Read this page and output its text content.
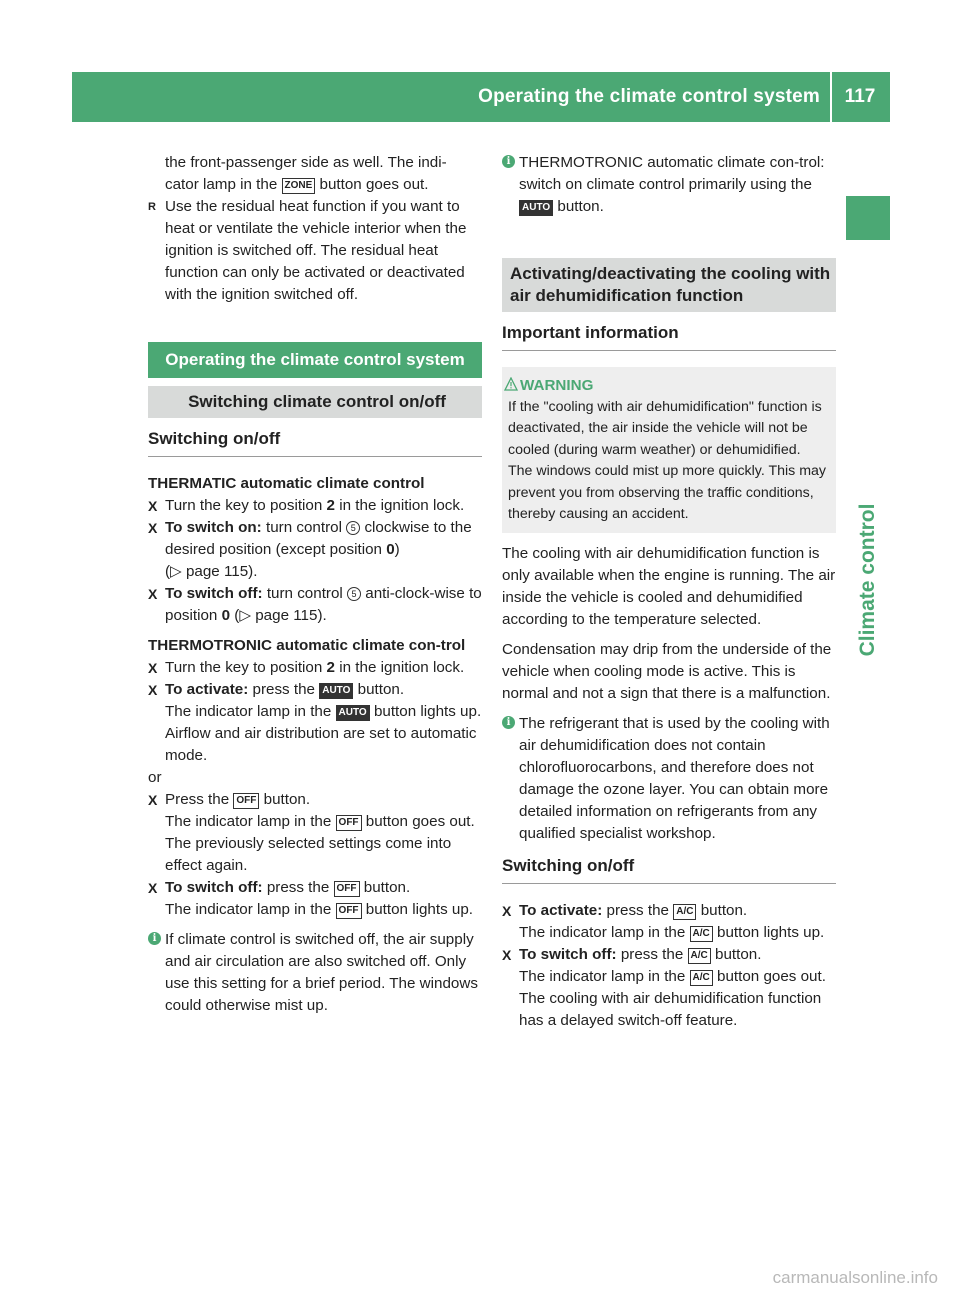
Operating the climate control system	117
Climate control

the front-passenger side as well. The indi-
cator lamp in the ZONE button goes out.

R Use the residual heat function if you want to heat or ventilate the vehicle interior when the ignition is switched off. The residual heat function can only be activated or deactivated with the ignition switched off.

Operating the climate control system
Switching climate control on/off
Switching on/off

THERMATIC automatic climate control

X Turn the key to position 2 in the ignition lock.

X To switch on: turn control 5 clockwise to the desired position (except position 0)
(▷ page 115).

X To switch off: turn control 5 anti-clock-wise to position 0 (▷ page 115).

THERMOTRONIC automatic climate con-trol

X Turn the key to position 2 in the ignition lock.

X To activate: press the AUTO button.
The indicator lamp in the AUTO button lights up. Airflow and air distribution are set to automatic mode.

or

X Press the OFF button.
The indicator lamp in the OFF button goes out. The previously selected settings come into effect again.

X To switch off: press the OFF button.
The indicator lamp in the OFF button lights up.

i If climate control is switched off, the air supply and air circulation are also switched off. Only use this setting for a brief period. The windows could otherwise mist up.

i THERMOTRONIC automatic climate con-trol: switch on climate control primarily using the AUTO button.

Activating/deactivating the cooling with air dehumidification function
Important information

WARNING

If the "cooling with air dehumidification" function is deactivated, the air inside the vehicle will not be cooled (during warm weather) or dehumidified. The windows could mist up more quickly. This may prevent you from observing the traffic conditions, thereby causing an accident.

The cooling with air dehumidification function is only available when the engine is running. The air inside the vehicle is cooled and dehumidified according to the temperature selected.

Condensation may drip from the underside of the vehicle when cooling mode is active. This is normal and not a sign that there is a malfunction.

i The refrigerant that is used by the cooling with air dehumidification does not contain chlorofluorocarbons, and therefore does not damage the ozone layer. You can obtain more detailed information on refrigerants from any qualified specialist workshop.

Switching on/off

X To activate: press the A/C button.
The indicator lamp in the A/C button lights up.

X To switch off: press the A/C button.
The indicator lamp in the A/C button goes out. The cooling with air dehumidification function has a delayed switch-off feature.

carmanualsonline.info
